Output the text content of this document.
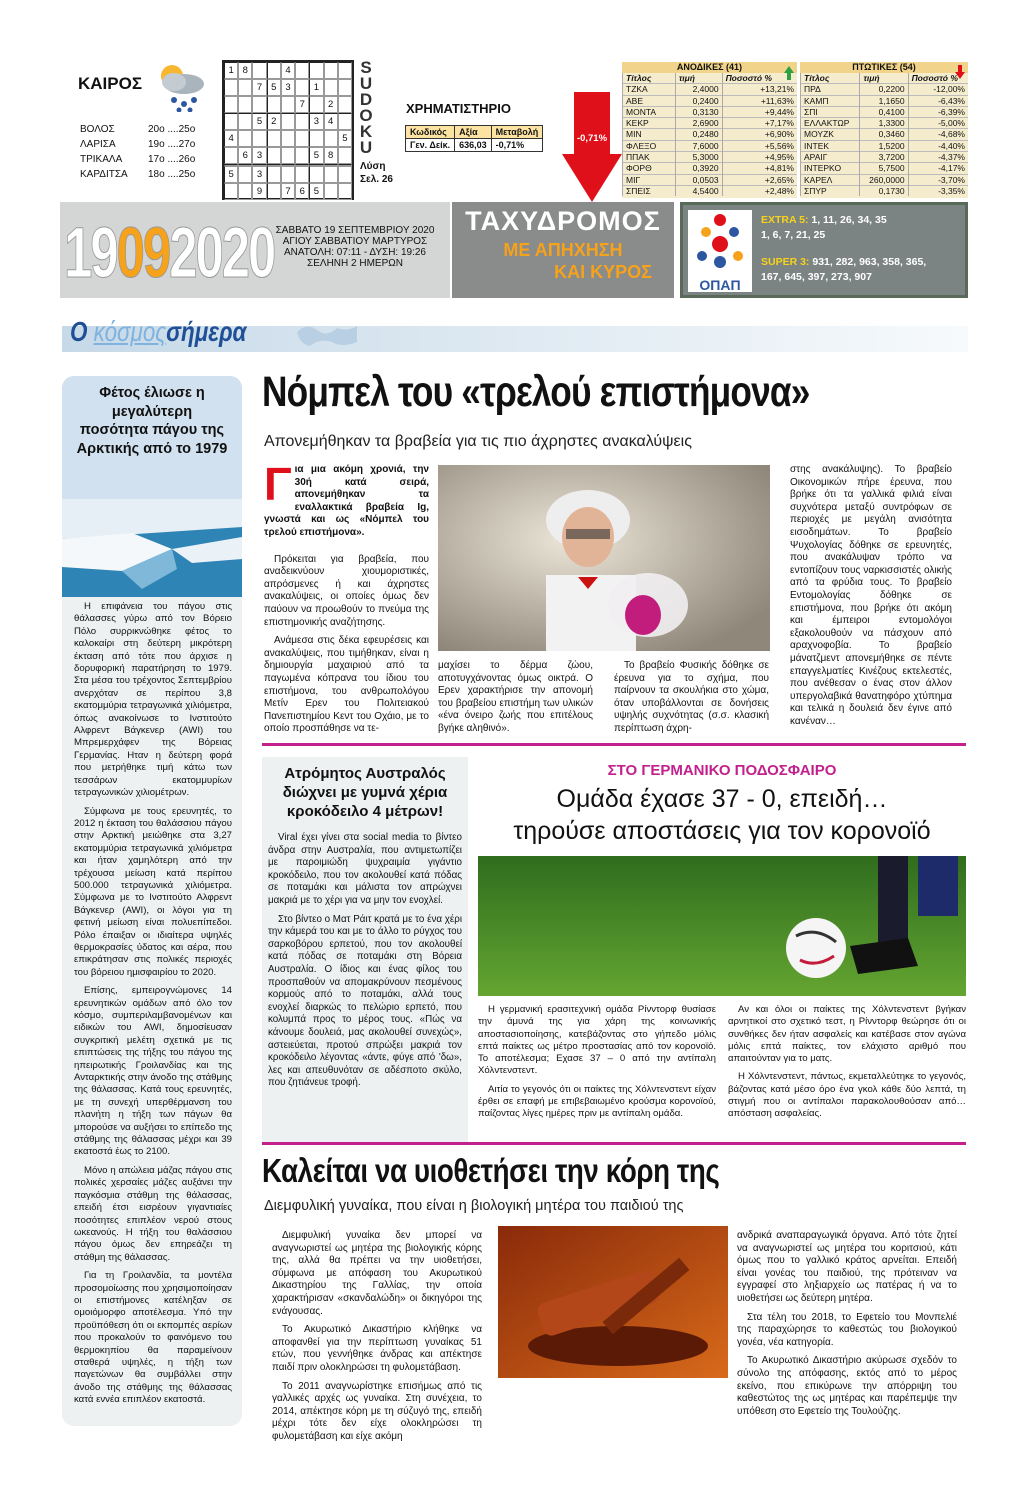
ΚΑΙΡΟΣ
ΒΟΛΟΣ	20ο ....25ο
ΛΑΡΙΣΑ	19ο ....27ο
ΤΡΙΚΑΛΑ	17ο ....26ο
ΚΑΡΔΙΤΣΑ	18ο ....25ο
1 8	4
7 5 3	1
7	2
5 2	3 4
4	5
6 3	5 8
5	3
9	7 6 5
S
U
D
O
K
U
Λύση
Σελ. 26
ΧΡΗΜΑΤΙΣΤΗΡΙΟ
Κωδικός	Αξία	Μεταβολή
Γεν. Δείκ.	636,03	-0,71%
-0,71%
ΑΝΟΔΙΚΕΣ (41)
Τίτλος	τιμή	Ποσοστό %
ΤΖΚΑ	2,4000	+13,21%
ΑΒΕ	0,2400	+11,63%
ΜΟΝΤΑ	0,3130	+9,44%
ΚΕΚΡ	2,6900	+7,17%
ΜΙΝ	0,2480	+6,90%
ΦΛΕΞΟ	7,6000	+5,56%
ΠΠΑΚ	5,3000	+4,95%
ΦΟΡΘ	0,3920	+4,81%
ΜΙΓ	0,0503	+2,65%
ΣΠΕΙΣ	4,5400	+2,48%
ΠΤΩΤΙΚΕΣ (54)
Τίτλος	τιμή	Ποσοστό %
ΠΡΔ	0,2200	-12,00%
ΚΑΜΠ	1,1650	-6,43%
ΣΠΙ	0,4100	-6,39%
ΕΛΛΑΚΤΩΡ	1,3300	-5,00%
ΜΟΥΖΚ	0,3460	-4,68%
ΙΝΤΕΚ	1,5200	-4,40%
ΑΡΑΙΓ	3,7200	-4,37%
ΙΝΤΕΡΚΟ	5,7500	-4,17%
ΚΑΡΕΛ	260,0000	-3,70%
ΣΠΥΡ	0,1730	-3,35%
19092020 ΣΑΒΒΑΤΟ 19 ΣΕΠΤΕΜΒΡΙΟΥ 2020
ΑΓΙΟΥ ΣΑΒΒΑΤΙΟΥ ΜΑΡΤΥΡΟΣ
ΑΝΑΤΟΛΗ: 07:11 - ΔΥΣΗ: 19:26
ΣΕΛΗΝΗ 2 ΗΜΕΡΩΝ
ΤΑΧΥΔΡΟΜΟΣ
ΜΕ ΑΠΗΧΗΣΗ
ΚΑΙ ΚΥΡΟΣ
ΟΠΑΠ
EXTRA 5: 1, 11, 26, 34, 35
1, 6, 7, 21, 25
SUPER 3: 931, 282, 963, 358, 365,
167, 645, 397, 273, 907
Ο κόσμοςσήμερα
Φέτος έλιωσε η μεγαλύτερη ποσότητα πάγου της Αρκτικής από το 1979

Η επιφάνεια του πάγου στις θάλασσες γύρω από τον Βόρειο Πόλο συρρικνώθηκε φέτος το καλοκαίρι στη δεύτερη μικρότερη έκταση από τότε που άρχισε η δορυφορική παρατήρηση το 1979. Στα μέσα του τρέχοντος Σεπτεμβρίου ανερχόταν σε περίπου 3,8 εκατομμύρια τετραγωνικά χιλιόμετρα, όπως ανακοίνωσε το Ινστιτούτο Αλφρεντ Βάγκενερ (AWI) του Μπρεμερχάφεν της Βόρειας Γερμανίας. Ηταν η δεύτερη φορά που μετρήθηκε τιμή κάτω των τεσσάρων εκατομμυρίων τετραγωνικών χιλιομέτρων.

Σύμφωνα με τους ερευνητές, το 2012 η έκταση του θαλάσσιου πάγου στην Αρκτική μειώθηκε στα 3,27 εκατομμύρια τετραγωνικά χιλιόμετρα και ήταν χαμηλότερη από την τρέχουσα μείωση κατά περίπου 500.000 τετραγωνικά χιλιόμετρα. Σύμφωνα με το Ινστιτούτο Αλφρεντ Βάγκενερ (AWI), οι λόγοι για τη φετινή μείωση είναι πολυεπίπεδοι. Ρόλο έπαιξαν οι ιδιαίτερα υψηλές θερμοκρασίες ύδατος και αέρα, που επικράτησαν στις πολικές περιοχές του βόρειου ημισφαιρίου το 2020.

Επίσης, εμπειρογνώμονες 14 ερευνητικών ομάδων από όλο τον κόσμο, συμπεριλαμβανομένων και ειδικών του AWI, δημοσίευσαν συγκριτική μελέτη σχετικά με τις επιπτώσεις της τήξης του πάγου της ηπειρωτικής Γροιλανδίας και της Ανταρκτικής στην άνοδο της στάθμης της θάλασσας. Κατά τους ερευνητές, με τη συνεχή υπερθέρμανση του πλανήτη η τήξη των πάγων θα μπορούσε να αυξήσει το επίπεδο της στάθμης της θάλασσας μέχρι και 39 εκατοστά έως το 2100.

Μόνο η απώλεια μάζας πάγου στις πολικές χερσαίες μάζες αυξάνει την παγκόσμια στάθμη της θάλασσας, επειδή έτσι εισρέουν γιγαντιαίες ποσότητες επιπλέον νερού στους ωκεανούς. Η τήξη του θαλάσσιου πάγου όμως δεν επηρεάζει τη στάθμη της θάλασσας.

Για τη Γροιλανδία, τα μοντέλα προσομοίωσης που χρησιμοποίησαν οι επιστήμονες κατέληξαν σε ομοιόμορφο αποτέλεσμα. Υπό την προϋπόθεση ότι οι εκπομπές αερίων που προκαλούν το φαινόμενο του θερμοκηπίου θα παραμείνουν σταθερά υψηλές, η τήξη των παγετώνων θα συμβάλλει στην άνοδο της στάθμης της θάλασσας κατά εννέα επιπλέον εκατοστά.

Νόμπελ του «τρελού επιστήμονα»
Απονεμήθηκαν τα βραβεία για τις πιο άχρηστες ανακαλύψεις
Γ ια μια ακόμη χρονιά, την 30ή κατά σειρά, απονεμήθηκαν τα εναλλακτικά βραβεία Ig, γνωστά και ως «Νόμπελ του τρελού επιστήμονα».

Πρόκειται για βραβεία, που αναδεικνύουν χιουμοριστικές, απρόσμενες ή και άχρηστες ανακαλύψεις, οι οποίες όμως δεν παύουν να προωθούν το πνεύμα της επιστημονικής αναζήτησης.

Ανάμεσα στις δέκα εφευρέσεις και ανακαλύψεις, που τιμήθηκαν, είναι η δημιουργία μαχαιριού από τα παγωμένα κόπρανα του ίδιου του επιστήμονα, του ανθρωπολόγου Μετίν Ερεν του Πολιτειακού Πανεπιστημίου Κεντ του Οχάιο, με το οποίο προσπάθησε να τε-

μαχίσει το δέρμα ζώου, αποτυγχάνοντας όμως οικτρά. Ο Ερεν χαρακτήρισε την απονομή του βραβείου επιστήμη των υλικών «ένα όνειρο ζωής που επιτέλους βγήκε αληθινό».

Το βραβείο Φυσικής δόθηκε σε έρευνα για το σχήμα, που παίρνουν τα σκουλήκια στο χώμα, όταν υποβάλλονται σε δονήσεις υψηλής συχνότητας (σ.σ. κλασική περίπτωση άχρη-

στης ανακάλυψης). Το βραβείο Οικονομικών πήρε έρευνα, που βρήκε ότι τα γαλλικά φιλιά είναι συχνότερα μεταξύ συντρόφων σε περιοχές με μεγάλη ανισότητα εισοδημάτων. Το βραβείο Ψυχολογίας δόθηκε σε ερευνητές, που ανακάλυψαν τρόπο να εντοπίζουν τους ναρκισσιστές ολικής από τα φρύδια τους. Το βραβείο Εντομολογίας δόθηκε σε επιστήμονα, που βρήκε ότι ακόμη και έμπειροι εντομολόγοι εξακολουθούν να πάσχουν από αραχνοφοβία. Το βραβείο μάνατζμεντ απονεμήθηκε σε πέντε επαγγελματίες Κινέζους εκτελεστές, που ανέθεσαν ο ένας στον άλλον υπεργολαβικά θανατηφόρο χτύπημα και τελικά η δουλειά δεν έγινε από κανέναν…

Ατρόμητος Αυστραλός διώχνει με γυμνά χέρια κροκόδειλο 4 μέτρων!

Viral έχει γίνει στα social media το βίντεο άνδρα στην Αυστραλία, που αντιμετωπίζει με παροιμιώδη ψυχραιμία γιγάντιο κροκόδειλο, που τον ακολουθεί κατά πόδας σε ποταμάκι και μάλιστα τον απρώχνει μακριά με το χέρι για να μην τον ενοχλεί.

Στο βίντεο ο Ματ Ράιτ κρατά με το ένα χέρι την κάμερά του και με το άλλο το ρύγχος του σαρκοβόρου ερπετού, που τον ακολουθεί κατά πόδας σε ποταμάκι στη Βόρεια Αυστραλία. Ο ίδιος και ένας φίλος του προσπαθούν να απομακρύνουν πεσμένους κορμούς από το ποταμάκι, αλλά τους ενοχλεί διαρκώς το πελώριο ερπετό, που κολυμπά προς το μέρος τους. «Πώς να κάνουμε δουλειά, μας ακολουθεί συνεχώς», αστειεύεται, προτού σπρώξει μακριά τον κροκόδειλο λέγοντας «άντε, φύγε από 'δω», λες και απευθυνόταν σε αδέσποτο σκύλο, που ζητιάνευε τροφή.

ΣΤΟ ΓΕΡΜΑΝΙΚΟ ΠΟΔΟΣΦΑΙΡΟ
Ομάδα έχασε 37 - 0, επειδή…
τηρούσε αποστάσεις για τον κορονοϊό

Η γερμανική ερασιτεχνική ομάδα Ρίνντορφ θυσίασε την άμυνά της για χάρη της κοινωνικής αποστασιοποίησης, κατεβάζοντας στο γήπεδο μόλις επτά παίκτες ως μέτρο προστασίας από τον κορονοϊό. Το αποτέλεσμα; Εχασε 37 – 0 από την αντίπαλη Χόλντενστεντ.

Αιτία το γεγονός ότι οι παίκτες της Χόλντενστεντ είχαν έρθει σε επαφή με επιβεβαιωμένο κρούσμα κορονοϊού, παίζοντας λίγες ημέρες πριν με αντίπαλη ομάδα.

Αν και όλοι οι παίκτες της Χόλντενστεντ βγήκαν αρνητικοί στο σχετικό τεστ, η Ρίνντορφ θεώρησε ότι οι συνθήκες δεν ήταν ασφαλείς και κατέβασε στον αγώνα μόλις επτά παίκτες, τον ελάχιστο αριθμό που απαιτούνταν για το ματς.

Η Χόλντενστεντ, πάντως, εκμεταλλεύτηκε το γεγονός, βάζοντας κατά μέσο όρο ένα γκολ κάθε δύο λεπτά, τη στιγμή που οι αντίπαλοι παρακολουθούσαν από… απόσταση ασφαλείας.

Καλείται να υιοθετήσει την κόρη της
Διεμφυλική γυναίκα, που είναι η βιολογική μητέρα του παιδιού της

Διεμφυλική γυναίκα δεν μπορεί να αναγνωριστεί ως μητέρα της βιολογικής κόρης της, αλλά θα πρέπει να την υιοθετήσει, σύμφωνα με απόφαση του Ακυρωτικού Δικαστηρίου της Γαλλίας, την οποία χαρακτήρισαν «σκανδαλώδη» οι δικηγόροι της ενάγουσας.

Το Ακυρωτικό Δικαστήριο κλήθηκε να αποφανθεί για την περίπτωση γυναίκας 51 ετών, που γεννήθηκε άνδρας και απέκτησε παιδί πριν ολοκληρώσει τη φυλομετάβαση.

Το 2011 αναγνωρίστηκε επισήμως από τις γαλλικές αρχές ως γυναίκα. Στη συνέχεια, το 2014, απέκτησε κόρη με τη σύζυγό της, επειδή μέχρι τότε δεν είχε ολοκληρώσει τη φυλομετάβαση και είχε ακόμη

ανδρικά αναπαραγωγικά όργανα. Από τότε ζητεί να αναγνωριστεί ως μητέρα του κοριτσιού, κάτι όμως που το γαλλικό κράτος αρνείται. Επειδή είναι γονέας του παιδιού, της πρότειναν να εγγραφεί στο ληξιαρχείο ως πατέρας ή να το υιοθετήσει ως δεύτερη μητέρα.

Στα τέλη του 2018, το Εφετείο του Μονπελιέ της παραχώρησε το καθεστώς του βιολογικού γονέα, νέα κατηγορία.

Το Ακυρωτικό Δικαστήριο ακύρωσε σχεδόν το σύνολο της απόφασης, εκτός από το μέρος εκείνο, που επικύρωνε την απόρριψη του καθεστώτος της ως μητέρας και παρέπεμψε την υπόθεση στο Εφετείο της Τουλούζης.
